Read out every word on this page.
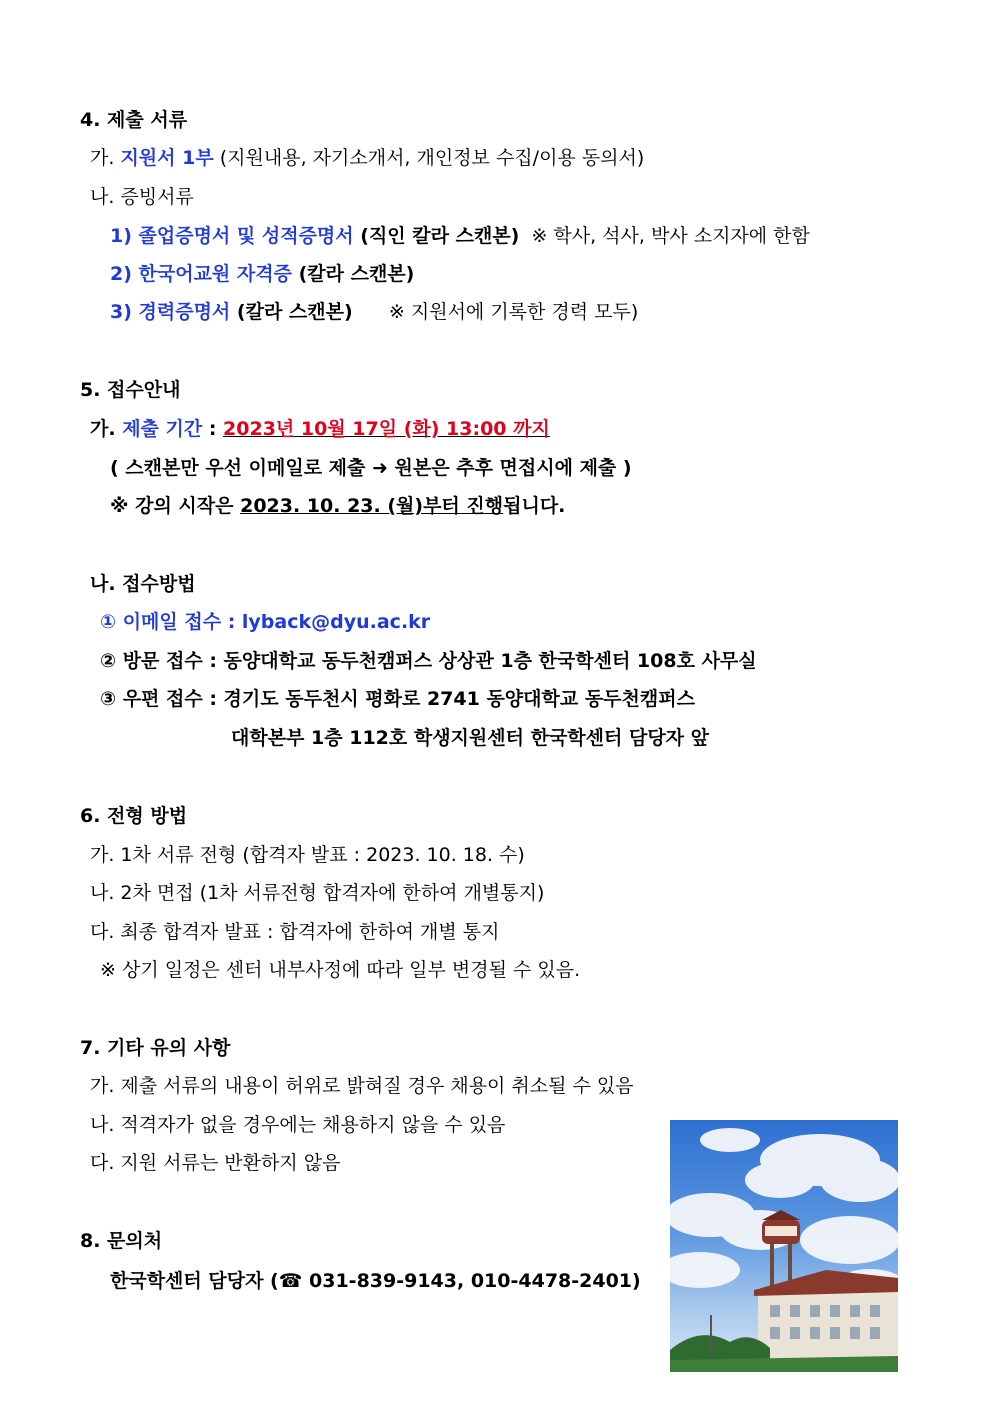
4. 제출 서류
가. 지원서 1부 (지원내용, 자기소개서, 개인정보 수집/이용 동의서)
나. 증빙서류
1) 졸업증명서 및 성적증명서 (직인 칼라 스캔본)  ※ 학사, 석사, 박사 소지자에 한함
2) 한국어교원 자격증 (칼라 스캔본)
3) 경력증명서 (칼라 스캔본)      ※ 지원서에 기록한 경력 모두)
5. 접수안내
가. 제출 기간 : 2023년 10월 17일 (화) 13:00 까지
( 스캔본만 우선 이메일로 제출 ➜ 원본은 추후 면접시에 제출 )
※ 강의 시작은 2023. 10. 23. (월)부터 진행됩니다.
나. 접수방법
① 이메일 접수 : lyback@dyu.ac.kr
② 방문 접수 : 동양대학교 동두천캠퍼스 상상관 1층 한국학센터 108호 사무실
③ 우편 접수 : 경기도 동두천시 평화로 2741 동양대학교 동두천캠퍼스
대학본부 1층 112호 학생지원센터 한국학센터 담당자 앞
6. 전형 방법
가. 1차 서류 전형 (합격자 발표 : 2023. 10. 18. 수)
나. 2차 면접 (1차 서류전형 합격자에 한하여 개별통지)
다. 최종 합격자 발표 : 합격자에 한하여 개별 통지
※ 상기 일정은 센터 내부사정에 따라 일부 변경될 수 있음.
7. 기타 유의 사항
가. 제출 서류의 내용이 허위로 밝혀질 경우 채용이 취소될 수 있음
나. 적격자가 없을 경우에는 채용하지 않을 수 있음
다. 지원 서류는 반환하지 않음
8. 문의처
한국학센터 담당자 (☎ 031-839-9143, 010-4478-2401)
